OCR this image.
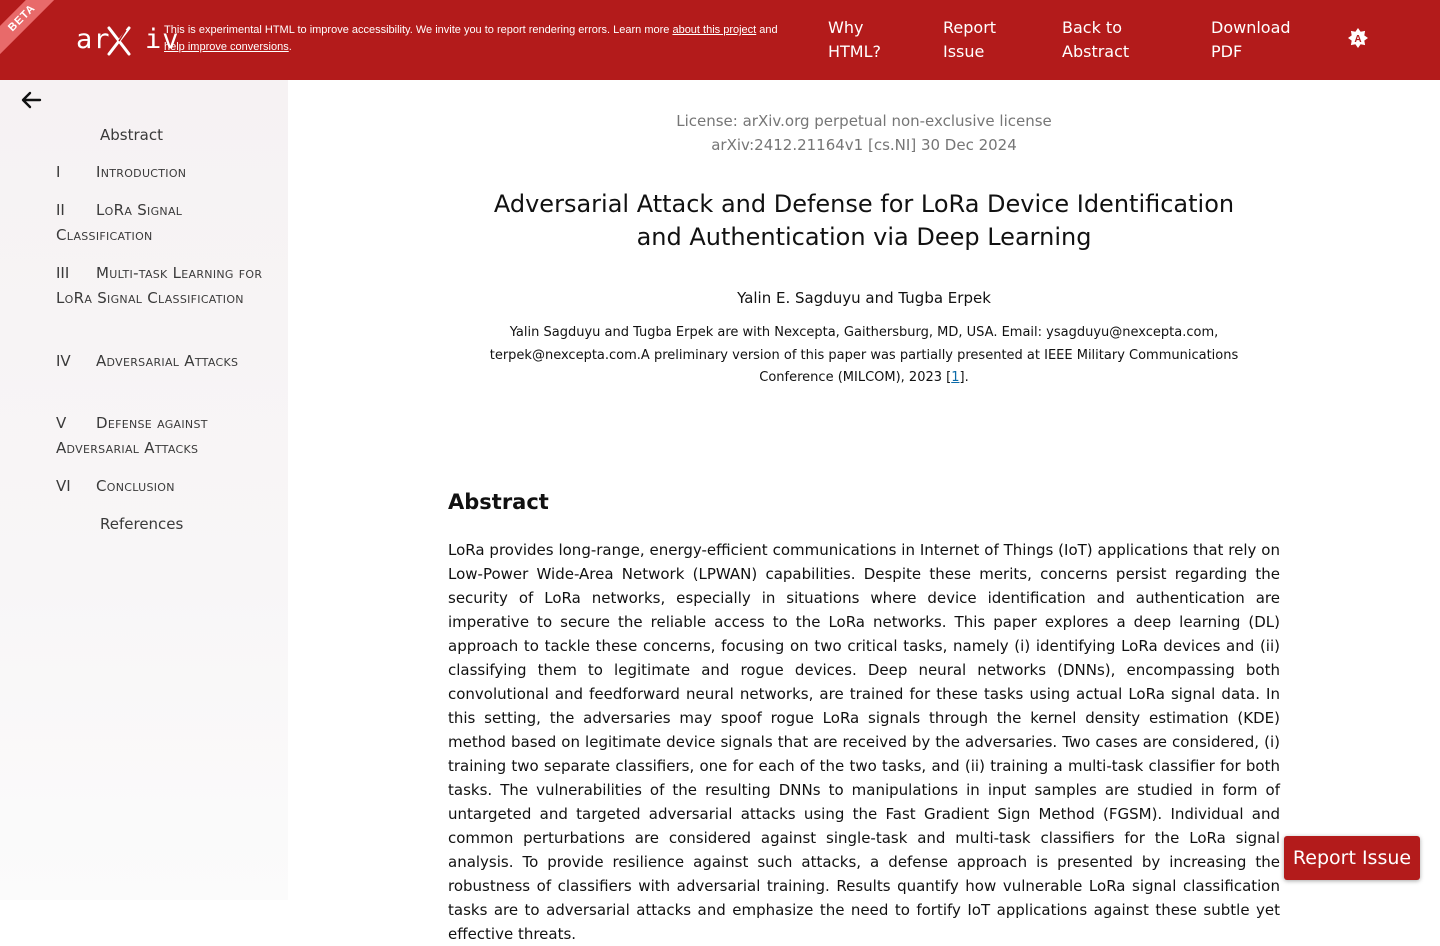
BETA
ar  iv
This is experimental HTML to improve accessibility. We invite you to report rendering errors. Learn more about this project and
help improve conversions.
Why HTML?
Report Issue
Back to Abstract
Download PDF
A
Abstract
I Introduction
II LoRa Signal Classification
III Multi-task Learning for LoRa Signal Classification
IV Adversarial Attacks
V Defense against Adversarial Attacks
VI Conclusion
References
License: arXiv.org perpetual non-exclusive license
arXiv:2412.21164v1 [cs.NI] 30 Dec 2024
Adversarial Attack and Defense for LoRa Device Identification and Authentication via Deep Learning
Yalin E. Sagduyu and Tugba Erpek
Yalin Sagduyu and Tugba Erpek are with Nexcepta, Gaithersburg, MD, USA. Email: ysagduyu@nexcepta.com, terpek@nexcepta.com.A preliminary version of this paper was partially presented at IEEE Military Communications Conference (MILCOM), 2023 [1].
Abstract
LoRa provides long-range, energy-efficient communications in Internet of Things (IoT) applications that rely on Low-Power Wide-Area Network (LPWAN) capabilities. Despite these merits, concerns persist regarding the security of LoRa networks, especially in situations where device identification and authentication are imperative to secure the reliable access to the LoRa networks. This paper explores a deep learning (DL) approach to tackle these concerns, focusing on two critical tasks, namely (i) identifying LoRa devices and (ii) classifying them to legitimate and rogue devices. Deep neural networks (DNNs), encompassing both convolutional and feedforward neural networks, are trained for these tasks using actual LoRa signal data. In this setting, the adversaries may spoof rogue LoRa signals through the kernel density estimation (KDE) method based on legitimate device signals that are received by the adversaries. Two cases are considered, (i) training two separate classifiers, one for each of the two tasks, and (ii) training a multi-task classifier for both tasks. The vulnerabilities of the resulting DNNs to manipulations in input samples are studied in form of untargeted and targeted adversarial attacks using the Fast Gradient Sign Method (FGSM). Individual and common perturbations are considered against single-task and multi-task classifiers for the LoRa signal analysis. To provide resilience against such attacks, a defense approach is presented by increasing the robustness of classifiers with adversarial training. Results quantify how vulnerable LoRa signal classification tasks are to adversarial attacks and emphasize the need to fortify IoT applications against these subtle yet effective threats.
Report Issue
